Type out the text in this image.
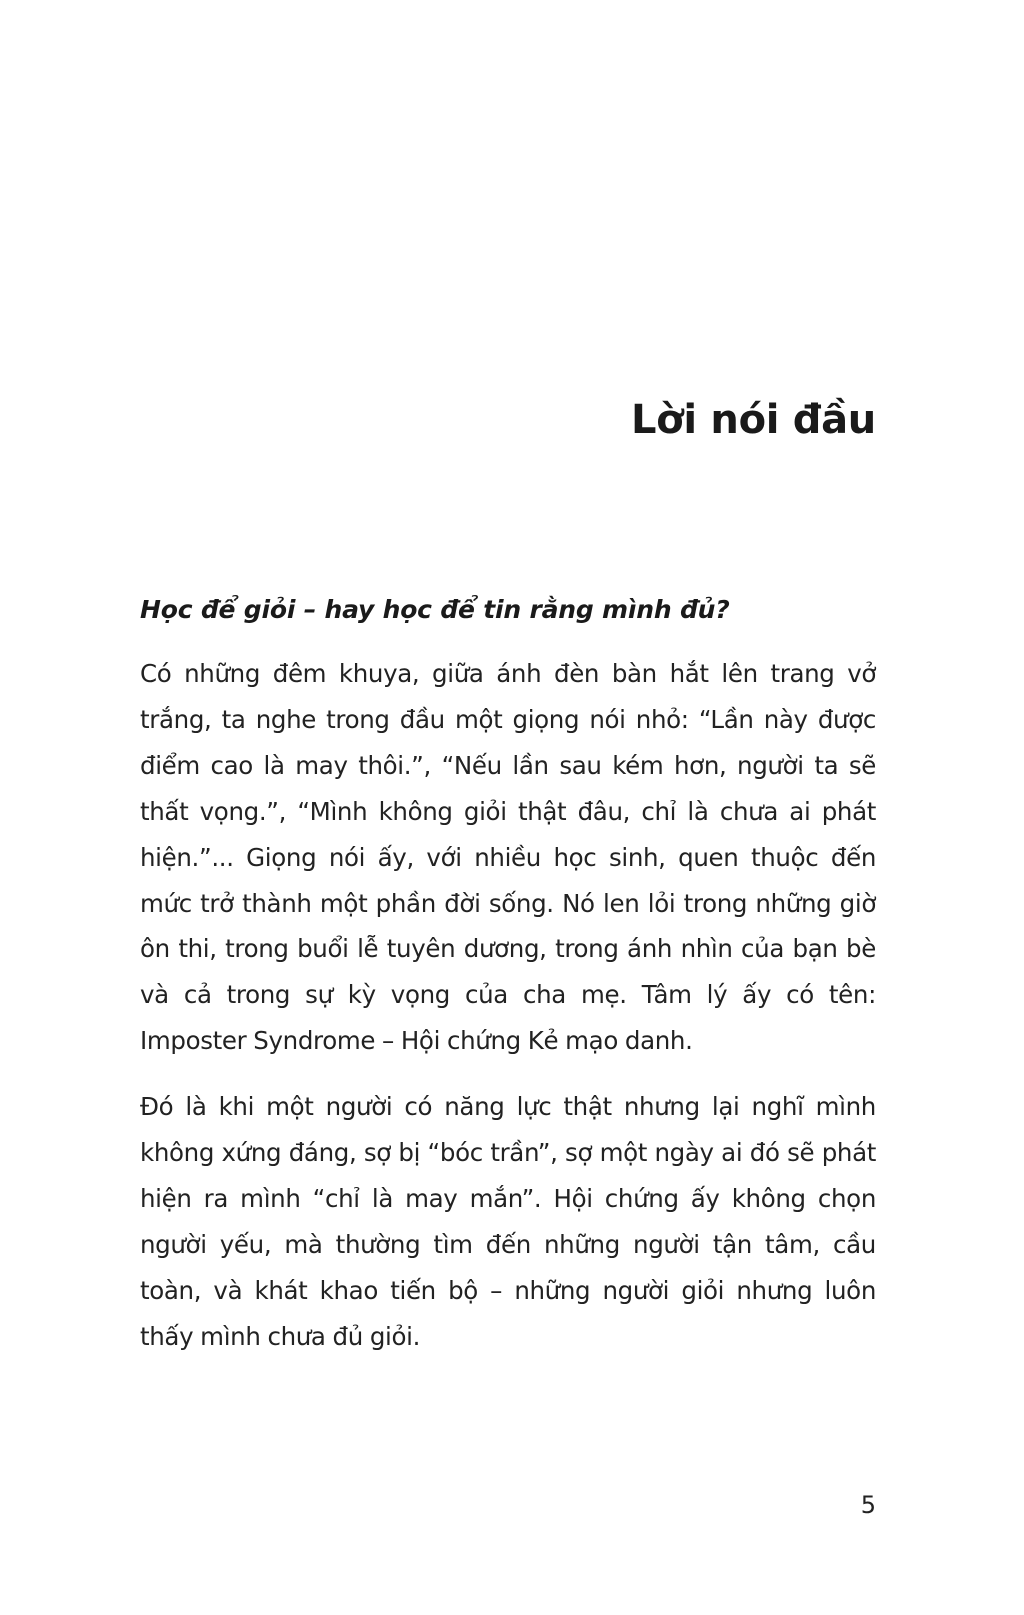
Lời nói đầu

Học để giỏi – hay học để tin rằng mình đủ?

Có những đêm khuya, giữa ánh đèn bàn hắt lên trang vở trắng, ta nghe trong đầu một giọng nói nhỏ: “Lần này được điểm cao là may thôi.”, “Nếu lần sau kém hơn, người ta sẽ thất vọng.”, “Mình không giỏi thật đâu, chỉ là chưa ai phát hiện.”... Giọng nói ấy, với nhiều học sinh, quen thuộc đến mức trở thành một phần đời sống. Nó len lỏi trong những giờ ôn thi, trong buổi lễ tuyên dương, trong ánh nhìn của bạn bè và cả trong sự kỳ vọng của cha mẹ. Tâm lý ấy có tên: Imposter Syndrome – Hội chứng Kẻ mạo danh.

Đó là khi một người có năng lực thật nhưng lại nghĩ mình không xứng đáng, sợ bị “bóc trần”, sợ một ngày ai đó sẽ phát hiện ra mình “chỉ là may mắn”. Hội chứng ấy không chọn người yếu, mà thường tìm đến những người tận tâm, cầu toàn, và khát khao tiến bộ – những người giỏi nhưng luôn thấy mình chưa đủ giỏi.

5
